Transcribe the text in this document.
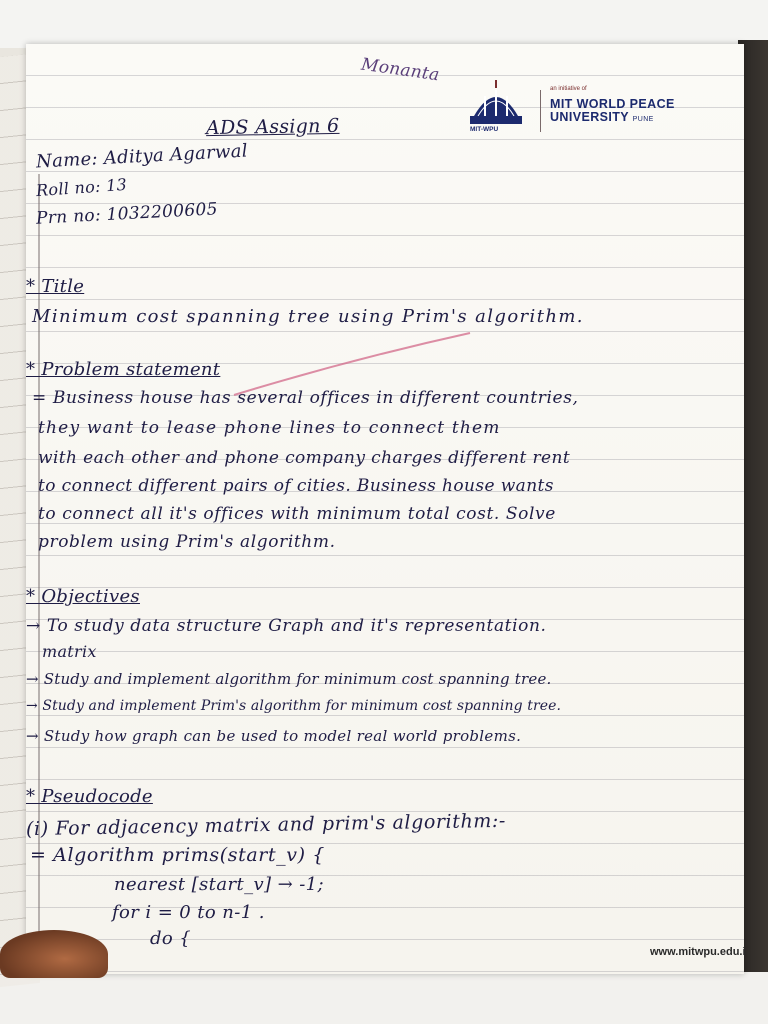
Monanta
MIT-WPU
an initiative of
MIT WORLD PEACE
UNIVERSITY PUNE
ADS Assign 6
Name: Aditya Agarwal
Roll no: 13
Prn no: 1032200605
* Title
Minimum cost spanning tree using Prim's algorithm.
* Problem statement
= Business house has several offices in different countries,
they want to lease phone lines to connect them
with each other and phone company charges different rent
to connect different pairs of cities. Business house wants
to connect all it's offices with minimum total cost. Solve
problem using Prim's algorithm.
* Objectives
→ To study data structure Graph and it's representation.
matrix
→ Study and implement algorithm for minimum cost spanning tree.
→ Study and implement Prim's algorithm for minimum cost spanning tree.
→ Study how graph can be used to model real world problems.
* Pseudocode
(i) For adjacency matrix and prim's algorithm:-
= Algorithm prims(start_v) {
nearest [start_v] → -1;
for i = 0 to n-1 .
do {
www.mitwpu.edu.i
